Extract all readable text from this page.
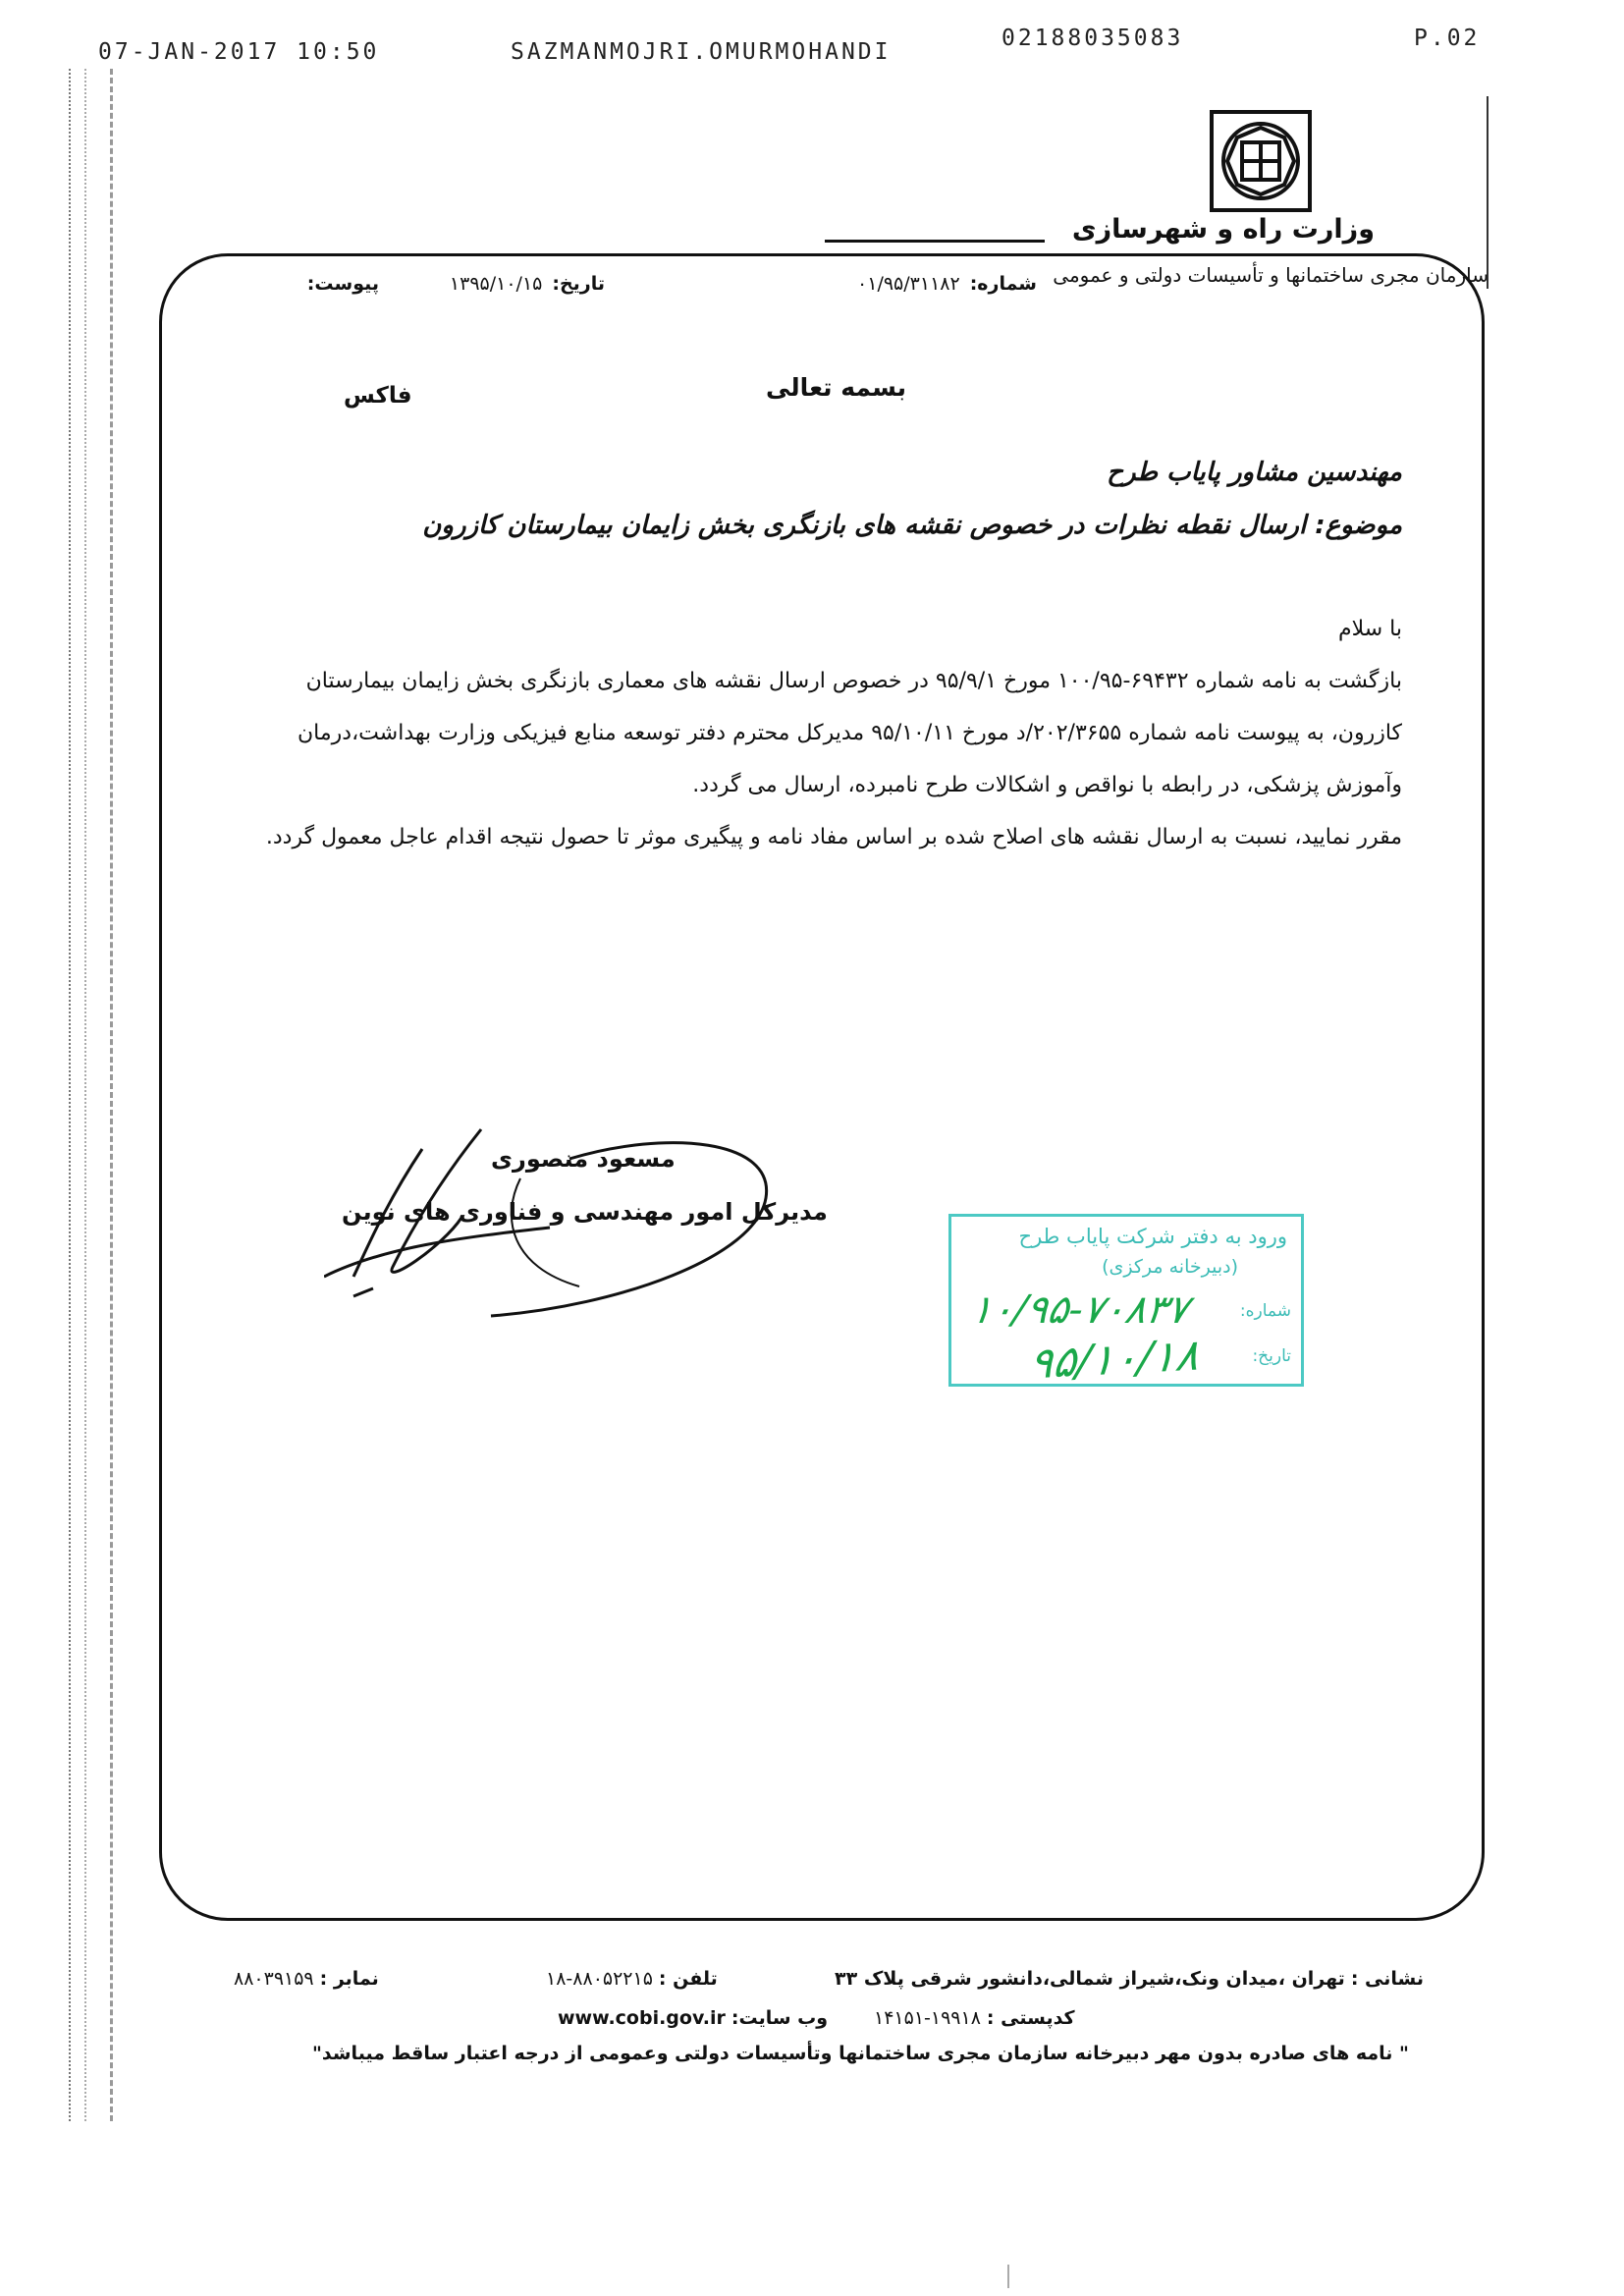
07-JAN-2017 10:50	SAZMANMOJRI.OMURMOHANDI
02188035083	P.02
وزارت راه و شهرسازی
سازمان مجری ساختمانها و تأسیسات دولتی و عمومی
شماره:۰۱/۹۵/۳۱۱۸۲
تاریخ:۱۳۹۵/۱۰/۱۵
پیوست:
بسمه تعالی
فاکس
مهندسین مشاور پایاب طرح
موضوع: ارسال نقطه نظرات در خصوص نقشه های بازنگری بخش زایمان بیمارستان کازرون

با سلام

بازگشت به نامه شماره ۶۹۴۳۲-۱۰۰/۹۵ مورخ ۹۵/۹/۱ در خصوص ارسال نقشه های معماری بازنگری بخش زایمان بیمارستان کازرون، به پیوست نامه شماره ۲۰۲/۳۶۵۵/د مورخ ۹۵/۱۰/۱۱ مدیرکل محترم دفتر توسعه منابع فیزیکی وزارت بهداشت،درمان وآموزش پزشکی، در رابطه با نواقص و اشکالات طرح نامبرده، ارسال می گردد.

مقرر نمایید، نسبت به ارسال نقشه های اصلاح شده بر اساس مفاد نامه و پیگیری موثر تا حصول نتیجه اقدام عاجل معمول گردد.

مسعود منصوری
مدیرکل امور مهندسی و فناوری های نوین
ورود به دفتر شرکت پایاب طرح
(دبیرخانه مرکزی)
شماره:
تاریخ:
۱۰/۹۵-۷۰۸۳۷
۹۵/۱۰/۱۸
نشانی :تهران ،میدان ونک،شیراز شمالی،دانشور شرقی پلاک ۳۳
تلفن :۸۸۰۵۲۲۱۵-۱۸
نمابر :۸۸۰۳۹۱۵۹
کدپستی :۱۹۹۱۸-۱۴۱۵۱
وب سایت:www.cobi.gov.ir
" نامه های صادره بدون مهر دبیرخانه سازمان مجری ساختمانها وتأسیسات دولتی وعمومی از درجه اعتبار ساقط میباشد"
